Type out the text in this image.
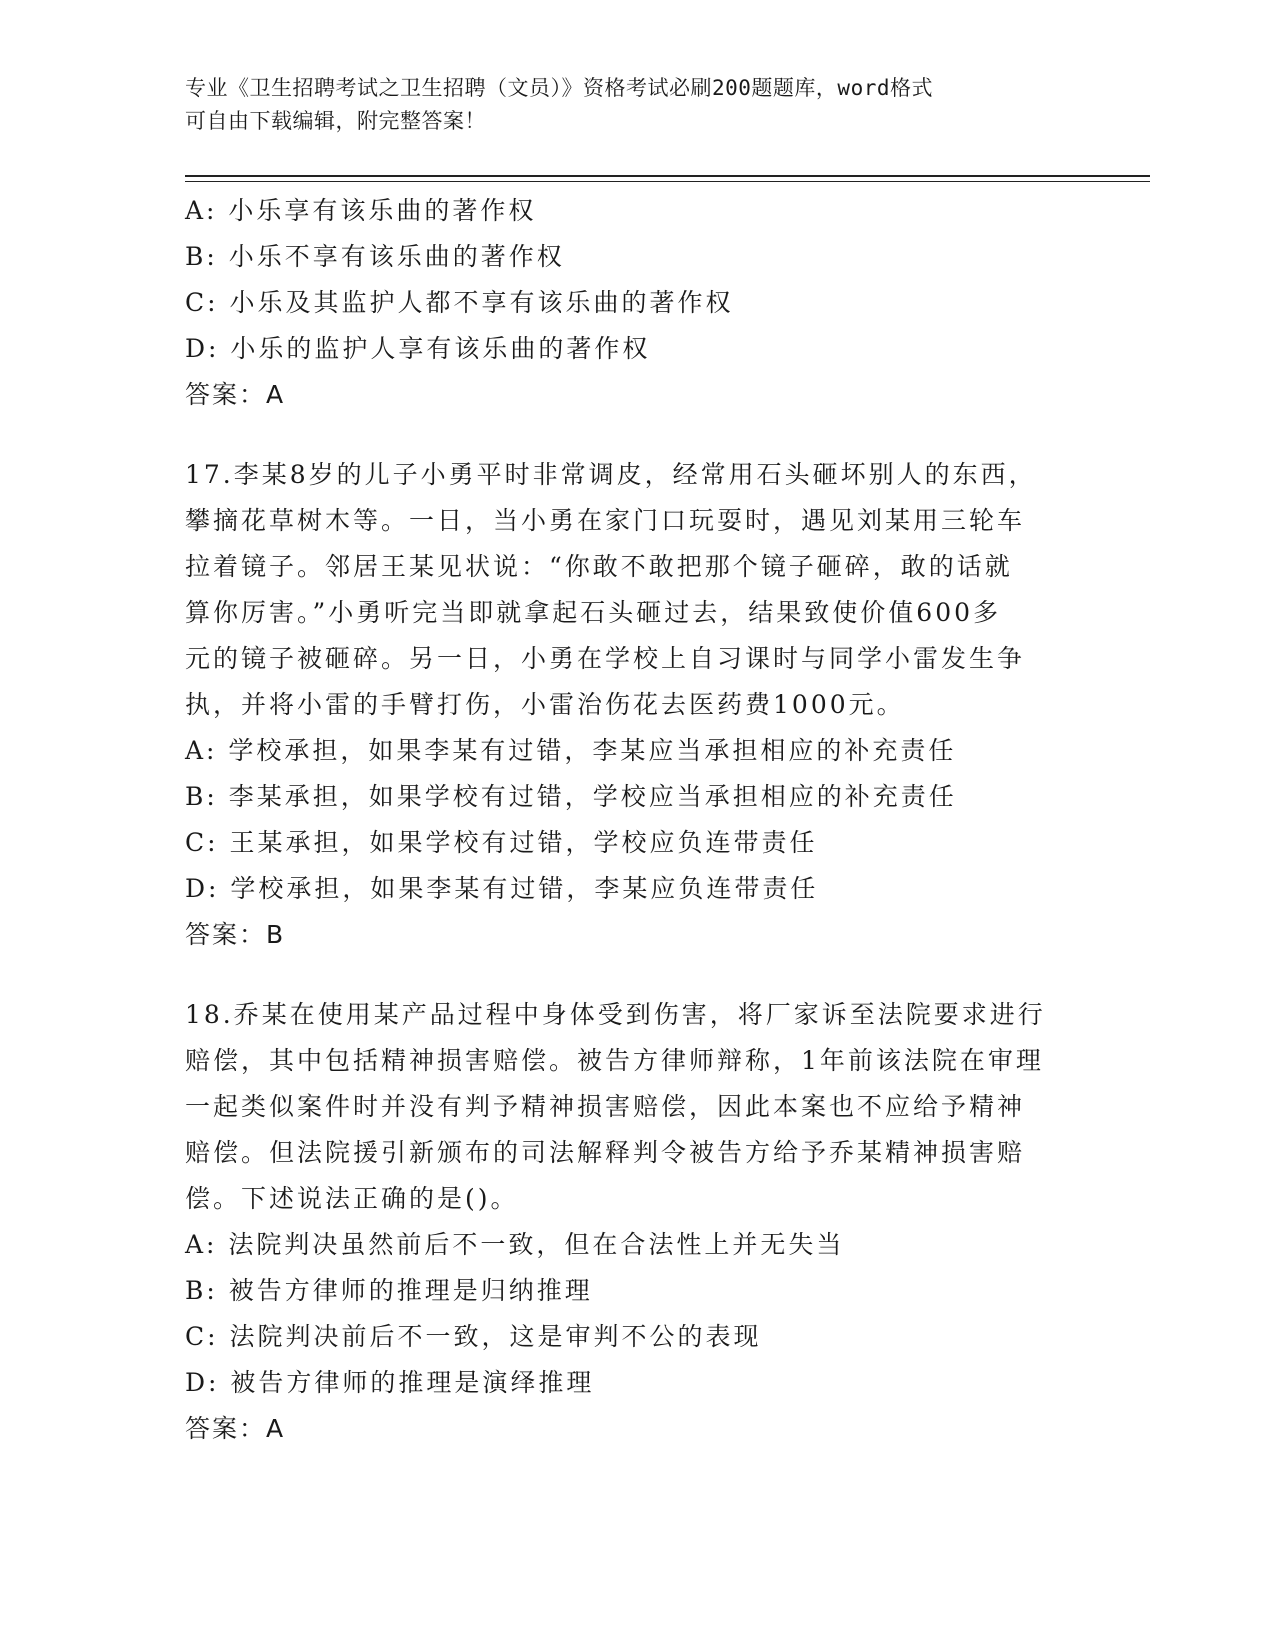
专业《卫生招聘考试之卫生招聘（文员）》资格考试必刷200题题库，word格式
可自由下载编辑，附完整答案！
A: 小乐享有该乐曲的著作权
B: 小乐不享有该乐曲的著作权
C: 小乐及其监护人都不享有该乐曲的著作权
D: 小乐的监护人享有该乐曲的著作权
答案：A
17.李某8岁的儿子小勇平时非常调皮，经常用石头砸坏别人的东西，
攀摘花草树木等。一日，当小勇在家门口玩耍时，遇见刘某用三轮车
拉着镜子。邻居王某见状说：“你敢不敢把那个镜子砸碎，敢的话就
算你厉害。”小勇听完当即就拿起石头砸过去，结果致使价值600多
元的镜子被砸碎。另一日，小勇在学校上自习课时与同学小雷发生争
执，并将小雷的手臂打伤，小雷治伤花去医药费1000元。
A: 学校承担，如果李某有过错，李某应当承担相应的补充责任
B: 李某承担，如果学校有过错，学校应当承担相应的补充责任
C: 王某承担，如果学校有过错，学校应负连带责任
D: 学校承担，如果李某有过错，李某应负连带责任
答案：B
18.乔某在使用某产品过程中身体受到伤害，将厂家诉至法院要求进行
赔偿，其中包括精神损害赔偿。被告方律师辩称，1年前该法院在审理
一起类似案件时并没有判予精神损害赔偿，因此本案也不应给予精神
赔偿。但法院援引新颁布的司法解释判令被告方给予乔某精神损害赔
偿。下述说法正确的是()。
A: 法院判决虽然前后不一致，但在合法性上并无失当
B: 被告方律师的推理是归纳推理
C: 法院判决前后不一致，这是审判不公的表现
D: 被告方律师的推理是演绎推理
答案：A
